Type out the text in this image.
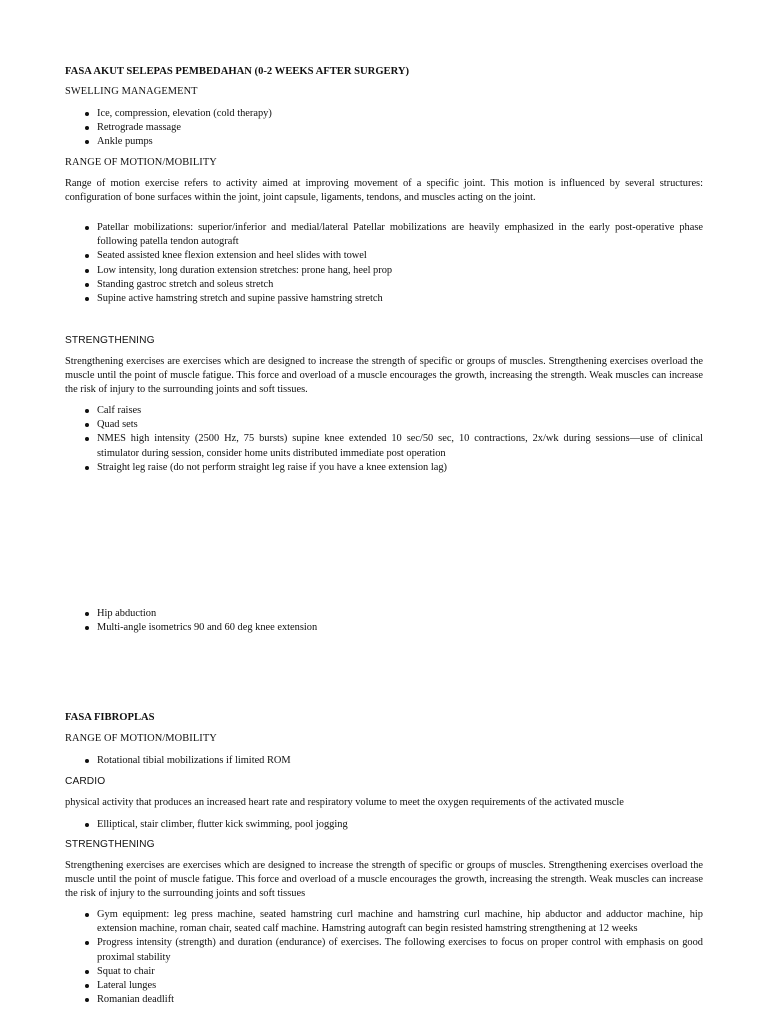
FASA AKUT SELEPAS PEMBEDAHAN (0-2 WEEKS AFTER SURGERY)
SWELLING MANAGEMENT
Ice, compression, elevation (cold therapy)
Retrograde massage
Ankle pumps
RANGE OF MOTION/MOBILITY

Range of motion exercise refers to activity aimed at improving movement of a specific joint. This motion is influenced by several structures: configuration of bone surfaces within the joint, joint capsule, ligaments, tendons, and muscles acting on the joint.

Patellar mobilizations: superior/inferior and medial/lateral Patellar mobilizations are heavily emphasized in the early post-operative phase following patella tendon autograft
Seated assisted knee flexion extension and heel slides with towel
Low intensity, long duration extension stretches: prone hang, heel prop
Standing gastroc stretch and soleus stretch
Supine active hamstring stretch and supine passive hamstring stretch
STRENGTHENING

Strengthening exercises are exercises which are designed to increase the strength of specific or groups of muscles. Strengthening exercises overload the muscle until the point of muscle fatigue. This force and overload of a muscle encourages the growth, increasing the strength. Weak muscles can increase the risk of injury to the surrounding joints and soft tissues.

Calf raises
Quad sets
NMES high intensity (2500 Hz, 75 bursts) supine knee extended 10 sec/50 sec, 10 contractions, 2x/wk during sessions—use of clinical stimulator during session, consider home units distributed immediate post operation
Straight leg raise (do not perform straight leg raise if you have a knee extension lag)
Hip abduction
Multi-angle isometrics 90 and 60 deg knee extension
FASA FIBROPLAS
RANGE OF MOTION/MOBILITY
Rotational tibial mobilizations if limited ROM
CARDIO

physical activity that produces an increased heart rate and respiratory volume to meet the oxygen requirements of the activated muscle

Elliptical, stair climber, flutter kick swimming, pool jogging
STRENGTHENING

Strengthening exercises are exercises which are designed to increase the strength of specific or groups of muscles. Strengthening exercises overload the muscle until the point of muscle fatigue. This force and overload of a muscle encourages the growth, increasing the strength. Weak muscles can increase the risk of injury to the surrounding joints and soft tissues

Gym equipment: leg press machine, seated hamstring curl machine and hamstring curl machine, hip abductor and adductor machine, hip extension machine, roman chair, seated calf machine. Hamstring autograft can begin resisted hamstring strengthening at 12 weeks
Progress intensity (strength) and duration (endurance) of exercises. The following exercises to focus on proper control with emphasis on good proximal stability
Squat to chair
Lateral lunges
Romanian deadlift
